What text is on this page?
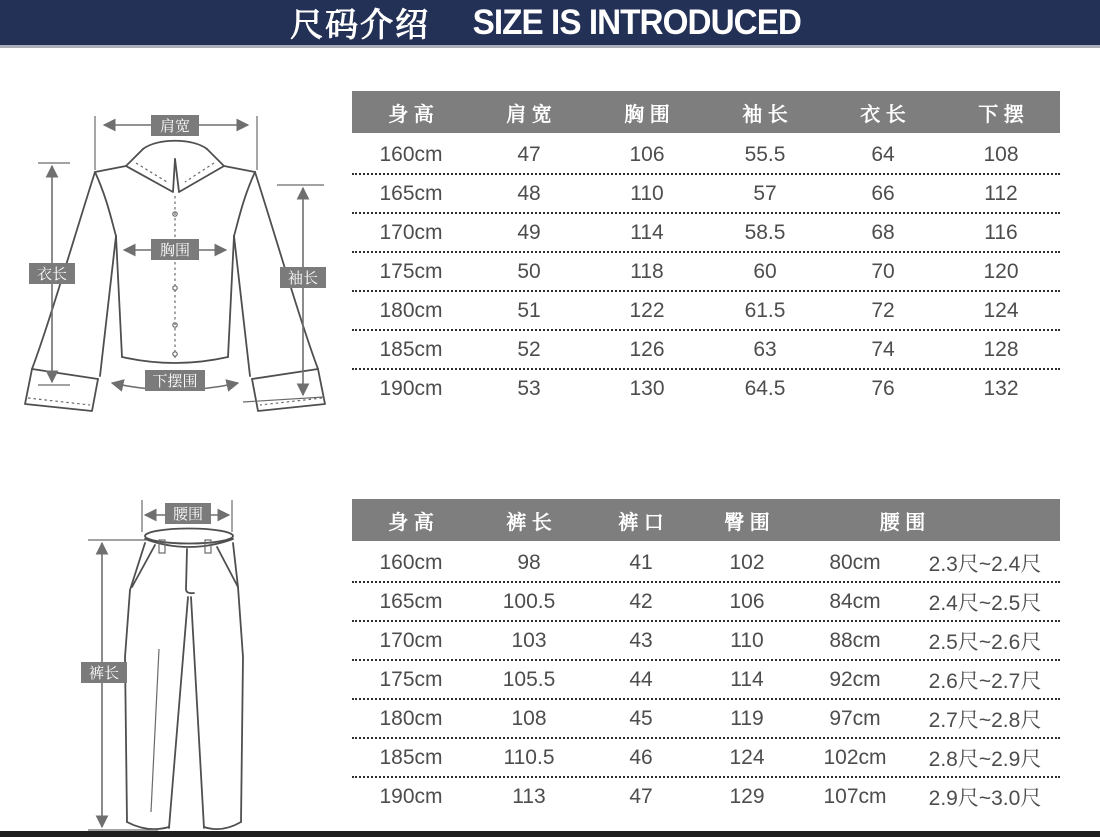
尺码介绍 SIZE IS INTRODUCED
肩宽
胸围
衣长	袖长
下摆围
腰围
裤长
身 高	肩 宽	胸 围	袖 长	衣 长	下 摆
160cm	47	106	55.5	64	108
165cm	48	110	57	66	112
170cm	49	114	58.5	68	116
175cm	50	118	60	70	120
180cm	51	122	61.5	72	124
185cm	52	126	63	74	128
190cm	53	130	64.5	76	132
身 高	裤 长	裤 口	臀 围	腰 围
160cm	98	41	102	80cm	2.3尺~2.4尺
165cm	100.5	42	106	84cm	2.4尺~2.5尺
170cm	103	43	110	88cm	2.5尺~2.6尺
175cm	105.5	44	114	92cm	2.6尺~2.7尺
180cm	108	45	119	97cm	2.7尺~2.8尺
185cm	110.5	46	124	102cm	2.8尺~2.9尺
190cm	113	47	129	107cm	2.9尺~3.0尺
